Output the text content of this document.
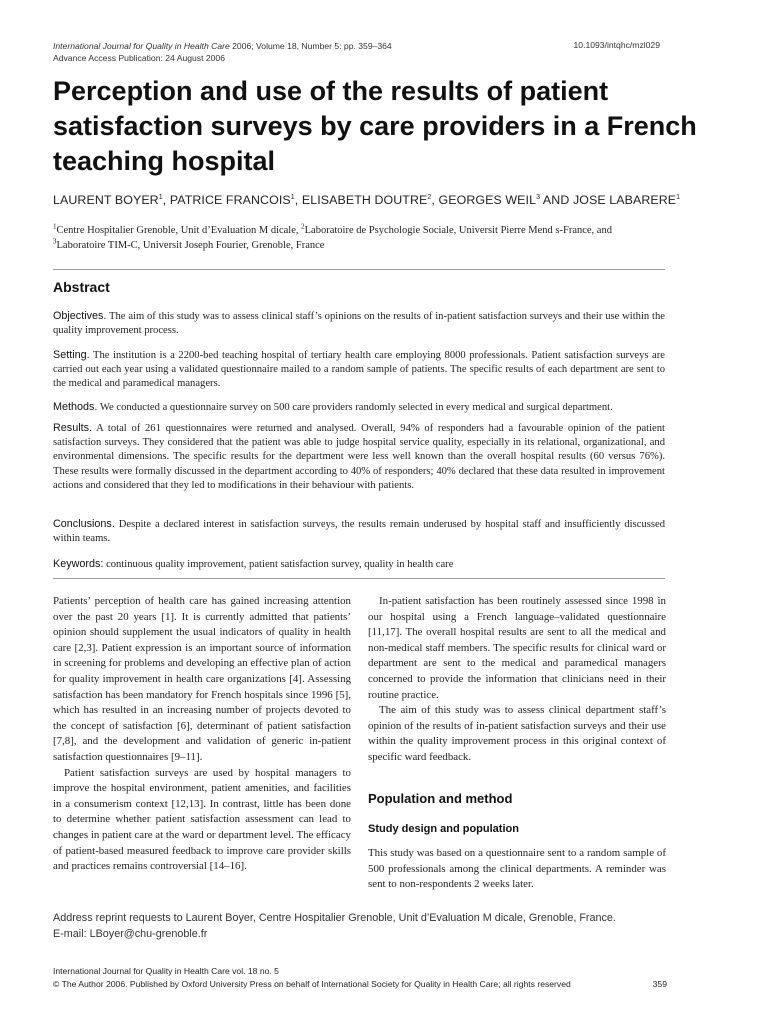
International Journal for Quality in Health Care 2006; Volume 18, Number 5: pp. 359–364
Advance Access Publication: 24 August 2006
10.1093/intqhc/mzl029
Perception and use of the results of patient satisfaction surveys by care providers in a French teaching hospital
LAURENT BOYER$^1$, PATRICE FRANCOIS$^1$, ELISABETH DOUTRE$^2$, GEORGES WEIL$^3$ AND JOSE LABARERE$^1$
$^1$Centre Hospitalier Grenoble, Unit d’Evaluation M dicale, $^2$Laboratoire de Psychologie Sociale, Universit Pierre Mend s-France, and
$^3$Laboratoire TIM-C, Universit Joseph Fourier, Grenoble, France
Abstract

Objectives. The aim of this study was to assess clinical staff’s opinions on the results of in-patient satisfaction surveys and their use within the quality improvement process.

Setting. The institution is a 2200-bed teaching hospital of tertiary health care employing 8000 professionals. Patient satisfaction surveys are carried out each year using a validated questionnaire mailed to a random sample of patients. The specific results of each department are sent to the medical and paramedical managers.

Methods. We conducted a questionnaire survey on 500 care providers randomly selected in every medical and surgical department.

Results. A total of 261 questionnaires were returned and analysed. Overall, 94% of responders had a favourable opinion of the patient satisfaction surveys. They considered that the patient was able to judge hospital service quality, especially in its relational, organizational, and environmental dimensions. The specific results for the department were less well known than the overall hospital results (60 versus 76%). These results were formally discussed in the department according to 40% of responders; 40% declared that these data resulted in improvement actions and considered that they led to modifications in their behaviour with patients.

Conclusions. Despite a declared interest in satisfaction surveys, the results remain underused by hospital staff and insufficiently discussed within teams.

Keywords: continuous quality improvement, patient satisfaction survey, quality in health care

Patients’ perception of health care has gained increasing attention over the past 20 years [1]. It is currently admitted that patients’ opinion should supplement the usual indicators of quality in health care [2,3]. Patient expression is an important source of information in screening for problems and developing an effective plan of action for quality improvement in health care organizations [4]. Assessing satisfaction has been mandatory for French hospitals since 1996 [5], which has resulted in an increasing number of projects devoted to the concept of satisfaction [6], determinant of patient satisfaction [7,8], and the development and validation of generic in-patient satisfaction questionnaires [9–11].

Patient satisfaction surveys are used by hospital managers to improve the hospital environment, patient amenities, and facilities in a consumerism context [12,13]. In contrast, little has been done to determine whether patient satisfaction assessment can lead to changes in patient care at the ward or department level. The efficacy of patient-based measured feedback to improve care provider skills and practices remains controversial [14–16].

In-patient satisfaction has been routinely assessed since 1998 in our hospital using a French language–validated questionnaire [11,17]. The overall hospital results are sent to all the medical and non-medical staff members. The specific results for clinical ward or department are sent to the medical and paramedical managers concerned to provide the information that clinicians need in their routine practice.

The aim of this study was to assess clinical department staff’s opinion of the results of in-patient satisfaction surveys and their use within the quality improvement process in this original context of specific ward feedback.

Population and method
Study design and population

This study was based on a questionnaire sent to a random sample of 500 professionals among the clinical departments. A reminder was sent to non-respondents 2 weeks later.

Address reprint requests to Laurent Boyer, Centre Hospitalier Grenoble, Unit d’Evaluation M dicale, Grenoble, France.
E-mail: LBoyer@chu-grenoble.fr
International Journal for Quality in Health Care vol. 18 no. 5
© The Author 2006. Published by Oxford University Press on behalf of International Society for Quality in Health Care; all rights reserved	359
